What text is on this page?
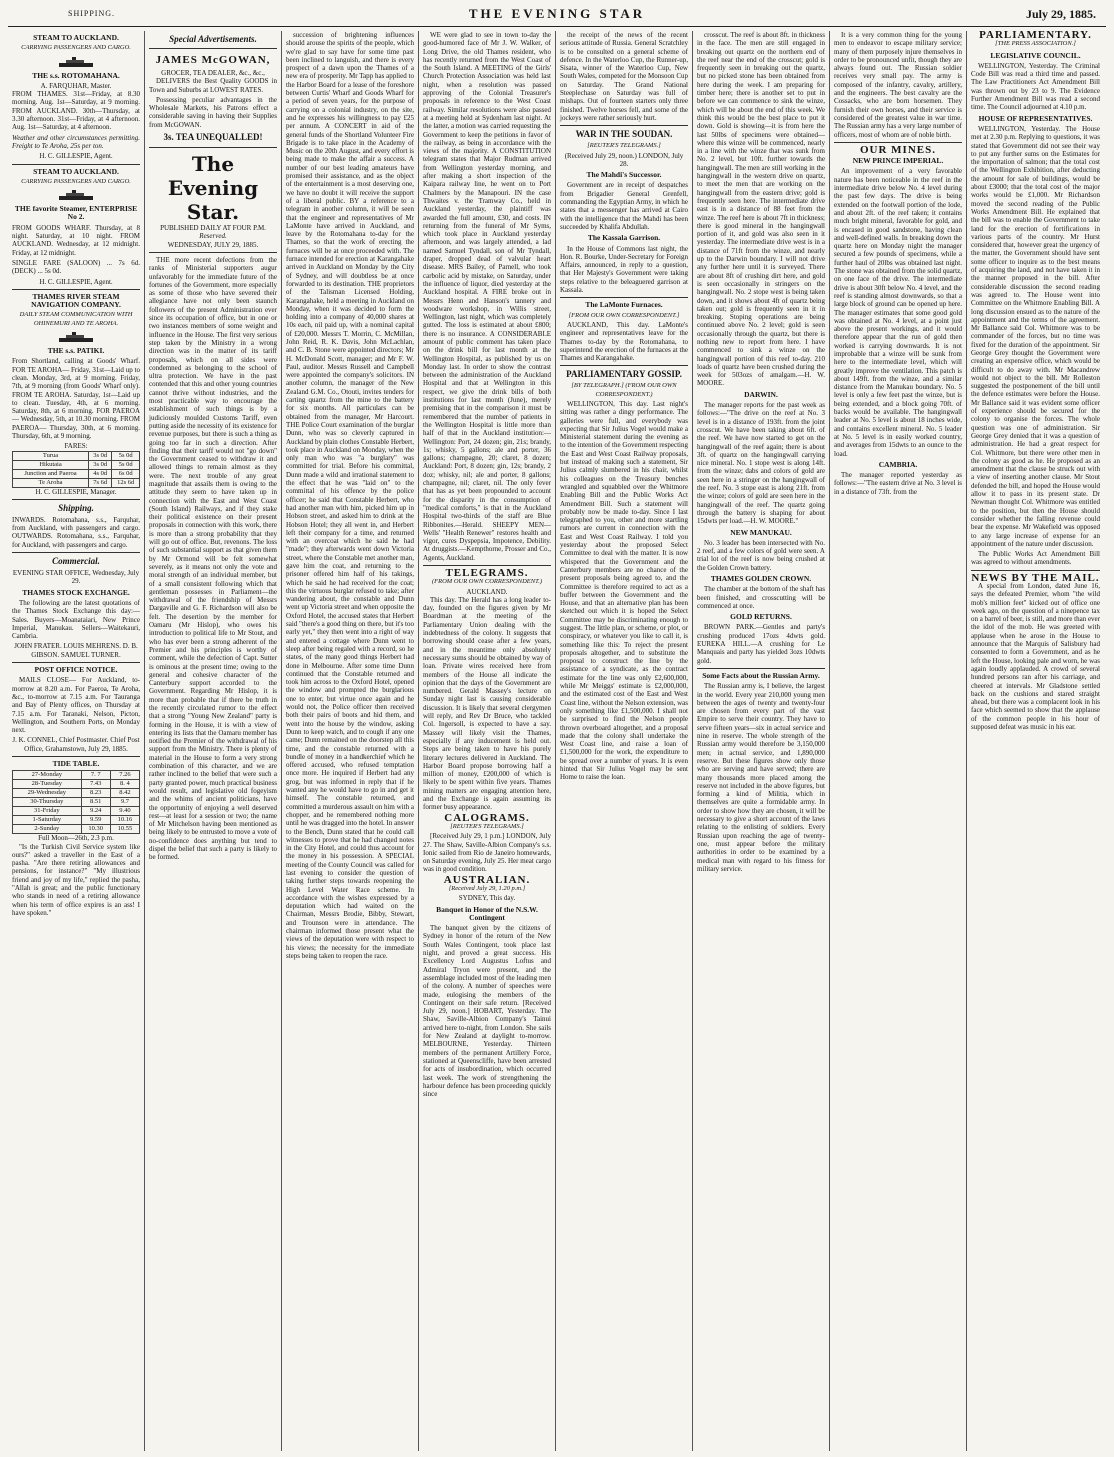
SHIPPING.	THE EVENING STAR	July 29, 1885.
STEAM TO AUCKLAND.
CARRYING PASSENGERS AND CARGO.
THE s.s. ROTOMAHANA.
A. FARQUHAR, Master.

FROM THAMES. 31st—Friday, at 8.30 morning. Aug. 1st—Saturday, at 9 morning. FROM AUCKLAND. 30th—Thursday, at 3.30 afternoon. 31st—Friday, at 4 afternoon. Aug. 1st—Saturday, at 4 afternoon.

Weather and other circumstances permitting. Freight to Te Aroha, 25s per ton.

H. C. GILLESPIE, Agent.
STEAM TO AUCKLAND.
CARRYING PASSENGERS AND CARGO.
THE favorite Steamer, ENTERPRISE No 2.

FROM GOODS WHARF. Thursday, at 8 night. Saturday, at 10 night. FROM AUCKLAND. Wednesday, at 12 midnight. Friday, at 12 midnight.

SINGLE FARE (SALOON) ... 7s 6d. (DECK) ... 5s 0d.

H. C. GILLESPIE, Agent.
THAMES RIVER STEAM NAVIGATION COMPANY.
DAILY STEAM COMMUNICATION WITH OHINEMURI AND TE AROHA.
THE s.s. PATIKI.

From Shortland, calling at Goods' Wharf. FOR TE AROHA— Friday, 31st—Laid up to clean. Monday, 3rd, at 9 morning. Friday, 7th, at 9 morning (from Goods' Wharf only). FROM TE AROHA. Saturday, 1st—Laid up to clean. Tuesday, 4th, at 6 morning. Saturday, 8th, at 6 morning. FOR PAEROA— Wednesday, 5th, at 10.30 morning. FROM PAEROA— Thursday, 30th, at 6 morning. Thursday, 6th, at 9 morning.

FARES:
Turua	3s 0d	5s 0d
Hikutaia	3s 0d	5s 0d
Junction and Paeroa	4s 0d	6s 0d
Te Aroha	7s 6d	12s 6d
H. C. GILLESPIE, Manager.
Shipping.

INWARDS. Rotomahana, s.s., Farquhar, from Auckland, with passengers and cargo. OUTWARDS. Rotomahana, s.s., Farquhar, for Auckland, with passengers and cargo.

Commercial.
EVENING STAR OFFICE, Wednesday, July 29.
THAMES STOCK EXCHANGE.

The following are the latest quotations of the Thames Stock Exchange this day:— Sales. Buyers—Moanataiari, New Prince Imperial, Manukau. Sellers—Waitekauri, Cambria.

JOHN FRATER. LOUIS MEHRENS. D. B. GIBSON. SAMUEL TURNER.
POST OFFICE NOTICE.

MAILS CLOSE— For Auckland, to-morrow at 8.20 a.m. For Paeroa, Te Aroha, &c., to-morrow at 7.15 a.m. For Tauranga and Bay of Plenty offices, on Thursday at 7.15 a.m. For Taranaki, Nelson, Picton, Wellington, and Southern Ports, on Monday next.

J. K. CONNEL, Chief Postmaster. Chief Post Office, Grahamstown, July 29, 1885.
TIDE TABLE.
27-Monday	7. 7	7.26
28-Tuesday	7.43	8. 4
29-Wednesday	8.23	8.42
30-Thursday	8.51	9.7
31-Friday	9.24	9.40
1-Saturday	9.59	10.16
2-Sunday	10.30	10.55
Full Moon—26th, 2.3 p.m.

"Is the Turkish Civil Service system like ours?" asked a traveller in the East of a pasha. "Are there retiring allowances and pensions, for instance?" "My illustrious friend and joy of my life," replied the pasha, "Allah is great; and the public functionary who stands in need of a retiring allowance when his term of office expires is an ass! I have spoken."

Special Advertisements.
JAMES McGOWAN,
GROCER, TEA DEALER, &c., &c.,

DELIVERS the Best Quality GOODS in Town and Suburbs at LOWEST RATES.

Possessing peculiar advantages in the Wholesale Markets, his Patrons effect a considerable saving in having their Supplies from McGOWAN.

3s. TEA UNEQUALLED!
The Evening Star.
PUBLISHED DAILY AT FOUR P.M.
Reserved.
WEDNESDAY, JULY 29, 1885.

THE more recent defections from the ranks of Ministerial supporters augur unfavorably for the immediate future of the fortunes of the Government, more especially as some of those who have severed their allegiance have not only been staunch followers of the present Administration ever since its occupation of office, but in one or two instances members of some weight and influence in the House. The first very serious step taken by the Ministry in a wrong direction was in the matter of its tariff proposals, which on all sides were condemned as belonging to the school of ultra protection. We have in the past contended that this and other young countries cannot thrive without industries, and the most practicable way to encourage the establishment of such things is by a judiciously moulded Customs Tariff, even putting aside the necessity of its existence for revenue purposes, but there is such a thing as going too far in such a direction. After finding that their tariff would not "go down" the Government ceased to withdraw it and allowed things to remain almost as they were. The next trouble of any great magnitude that assails them is owing to the attitude they seem to have taken up in connection with the East and West Coast (South Island) Railways, and if they stake their political existence on their present proposals in connection with this work, there is more than a strong probability that they will go out of office. But, revenons. The loss of such substantial support as that given them by Mr Ormond will be felt somewhat severely, as it means not only the vote and moral strength of an individual member, but of a small consistent following which that gentleman possesses in Parliament—the withdrawal of the friendship of Messrs Dargaville and G. F. Richardson will also be felt. The desertion by the member for Oamaru (Mr Hislop), who owes his introduction to political life to Mr Stout, and who has ever been a strong adherent of the Premier and his principles is worthy of comment, while the defection of Capt. Sutter is ominous at the present time; owing to the general and cohesive character of the Canterbury support accorded to the Government. Regarding Mr Hislop, it is more than probable that if there be truth in the recently circulated rumor to the effect that a strong "Young New Zealand" party is forming in the House, it is with a view of entering its lists that the Oamaru member has notified the Premier of the withdrawal of his support from the Ministry. There is plenty of material in the House to form a very strong combination of this character, and we are rather inclined to the belief that were such a party granted power, much practical business would result, and legislative old fogeyism and the whims of ancient politicians, have the opportunity of enjoying a well deserved rest—at least for a session or two; the name of Mr Mitchelson having been mentioned as being likely to be entrusted to move a vote of no-confidence does anything but tend to dispel the belief that such a party is likely to be formed.

succession of brightening influences should arouse the spirits of the people, which we're glad to say have for some time past been inclined to languish, and there is every prospect of a dawn upon the Thames of a new era of prosperity. Mr Tapp has applied to the Harbor Board for a lease of the foreshore between Curtis' Wharf and Goods Wharf for a period of seven years, for the purpose of carrying on a colonial industry, on the site, and he expresses his willingness to pay £25 per annum. A CONCERT in aid of the general funds of the Shortland Volunteer Fire Brigade is to take place in the Academy of Music on the 20th August, and every effort is being made to make the affair a success. A number of our best leading amateurs have promised their assistance, and as the object of the entertainment is a most deserving one, we have no doubt it will receive the support of a liberal public. BY a reference to a telegram in another column, it will be seen that the engineer and representatives of Mr LaMonte have arrived in Auckland, and leave by the Rotomahana to-day for the Thames, so that the work of erecting the furnaces will be at once proceeded with. The furnace intended for erection at Karangahake arrived in Auckland on Monday by the City of Sydney, and will doubtless be at once forwarded to its destination. THE proprietors of the Talisman Licensed Holding, Karangahake, held a meeting in Auckland on Monday, when it was decided to form the holding into a company of 40,000 shares at 10s each, nil paid up, with a nominal capital of £20,000. Messrs T. Morrin, C. McMillan, John Reid, R. K. Davis, John McLachlan, and C. B. Stone were appointed directors; Mr H. McDonald Scott, manager; and Mr F. W. Paul, auditor. Messrs Russell and Campbell were appointed the company's solicitors. IN another column, the manager of the New Zealand G.M. Co., Otouti, invites tenders for carting quartz from the mine to the battery for six months. All particulars can be obtained from the manager, Mr Harcourt. THE Police Court examination of the burglar Dunn, who was so cleverly captured in Auckland by plain clothes Constable Herbert, took place in Auckland on Monday, when the only man who was "a burglary" was committed for trial. Before his committal, Dunn made a wild and irrational statement to the effect that he was "laid on" to the committal of his offence by the police officer; he said that Constable Herbert, who had another man with him, picked him up in Hobson street, and asked him to drink at the Hobson Hotel; they all went in, and Herbert left their company for a time, and returned with an overcoat which he said he had "made"; they afterwards went down Victoria street, where the Constable met another man, gave him the coat, and returning to the prisoner offered him half of his takings, which he said he had received for the coat; this the virtuous burglar refused to take; after wandering about, the constable and Dunn went up Victoria street and when opposite the Oxford Hotel, the accused states that Herbert said "there's a good thing on there, but it's too early yet," they then went into a right of way and entered a cottage where Dunn went to sleep after being regaled with a record, so he states, of the many good things Herbert had done in Melbourne. After some time Dunn continued that the Constable returned and took him across to the Oxford Hotel, opened the window and prompted the burglarious one to enter, but virtue once again and he would not, the Police officer then received both their pairs of boots and hid them, and went into the house by the window, asking Dunn to keep watch, and to cough if any one came; Dunn remained on the doorstep all this time, and the constable returned with a bundle of money in a handkerchief which he offered accused, who refused temptation once more. He inquired if Herbert had any grog, but was informed in reply that if he wanted any he would have to go in and get it himself. The constable returned, and committed a murderous assault on him with a chopper, and he remembered nothing more until he was dragged into the hotel. In answer to the Bench, Dunn stated that he could call witnesses to prove that he had changed notes in the City Hotel, and could thus account for the money in his possession. A SPECIAL meeting of the County Council was called for last evening to consider the question of taking further steps towards reopening the High Level Water Race scheme. In accordance with the wishes expressed by a deputation which had waited on the Chairman, Messrs Brodie, Bibby, Stewart, and Trounson were in attendance. The chairman informed those present what the views of the deputation were with respect to his views; the necessity for the immediate steps being taken to reopen the race.

WE were glad to see in town to-day the good-humored face of Mr J. W. Walker, of Long Drive, the old Thames resident, who has recently returned from the West Coast of the South Island. A MEETING of the Girls' Church Protection Association was held last night, when a resolution was passed approving of the Colonial Treasurer's proposals in reference to the West Coast railway. Similar resolutions were also passed at a meeting held at Sydenham last night. At the latter, a motion was carried requesting the Government to keep the petitions in favor of the railway, as being in accordance with the views of the majority. A CONSTITUTION telegram states that Major Rudman arrived from Wellington yesterday morning, and after making a short inspection of the Kaipara railway line, he went on to Port Chalmers by the Manapouri. IN the case Thwaites v. the Tramway Co., held in Auckland yesterday, the plaintiff was awarded the full amount, £30, and costs. IN returning from the funeral of Mr Syms, which took place in Auckland yesterday afternoon, and was largely attended, a lad named Samuel Tyndall, son of Mr Tyndall, draper, dropped dead of valvular heart disease. MRS Bailey, of Parnell, who took carbolic acid by mistake, on Saturday, under the influence of liquor, died yesterday at the Auckland hospital. A FIRE broke out in Messrs Henn and Hanson's tannery and woodware workshop, in Willis street, Wellington, last night, which was completely gutted. The loss is estimated at about £800; there is no insurance. A CONSIDERABLE amount of public comment has taken place on the drink bill for last month at the Wellington Hospital, as published by us on Monday last. In order to show the contrast between the administration of the Auckland Hospital and that at Wellington in this respect, we give the drink bills of both institutions for last month (June), merely premising that in the comparison it must be remembered that the number of patients in the Wellington Hospital is little more than half of that in the Auckland institution:—Wellington: Port, 24 dozen; gin, 21s; brandy, 1s; whisky, 5 gallons; ale and porter, 36 gallons; champagne, 20; claret, 8 dozen; Auckland: Port, 8 dozen; gin, 12s; brandy, 2 doz; whisky, nil; ale and porter, 8 gallons; champagne, nil; claret, nil. The only fever that has as yet been propounded to account for the disparity in the consumption of "medical comforts," is that in the Auckland Hospital two-thirds of the staff are Blue Ribbonites.—Herald. SHEEPY MEN—Wells' "Health Renewer" restores health and vigor, cures Dyspepsia, Impotence, Debility. At druggists.—Kempthorne, Prosser and Co., Agents, Auckland.

TELEGRAMS.
(FROM OUR OWN CORRESPONDENT.)
AUCKLAND.

This day. The Herald has a long leader to-day, founded on the figures given by Mr Boardman at the meeting of the Parliamentary Union dealing with the indebtedness of the colony. It suggests that borrowing should cease after a few years, and in the meantime only absolutely necessary sums should be obtained by way of loan. Private wires received here from members of the House all indicate the opinion that the days of the Government are numbered. Gerald Massey's lecture on Sunday night last is causing considerable discussion. It is likely that several clergymen will reply, and Rev Dr Bruce, who tackled Col. Ingersoll, is expected to have a say. Massey will likely visit the Thames, especially if any inducement is held out. Steps are being taken to have his purely literary lectures delivered in Auckland. The Harbor Board propose borrowing half a million of money, £200,000 of which is likely to be spent within five years. Thames mining matters are engaging attention here, and the Exchange is again assuming its former busy appearance.

CALOGRAMS.
[REUTER'S TELEGRAMS.]

[Received July 29, 1 p.m.] LONDON, July 27. The Shaw, Saville-Albion Company's s.s. Ionic sailed from Rio de Janeiro homewards, on Saturday evening, July 25. Her meat cargo was in good condition.

AUSTRALIAN.
[Received July 29, 1.20 p.m.]
SYDNEY, This day.
Banquet in Honor of the N.S.W. Contingent

The banquet given by the citizens of Sydney in honor of the return of the New South Wales Contingent, took place last night, and proved a great success. His Excellency Lord Augustus Loftus and Admiral Tryon were present, and the assemblage included most of the leading men of the colony. A number of speeches were made, eulogising the members of the Contingent on their safe return. [Received July 29, noon.] HOBART, Yesterday. The Shaw, Saville-Albion Company's Tainui arrived here to-night, from London. She sails for New Zealand at daylight to-morrow. MELBOURNE, Yesterday. Thirteen members of the permanent Artillery Force, stationed at Queenscliffe, have been arrested for acts of insubordination, which occurred last week. The work of strengthening the harbour defence has been proceeding quickly since

the receipt of the news of the recent serious attitude of Russia. General Scratchley is to be consulted on a general scheme of defence. In the Waterloo Cup, the Runner-up, Sisata, winner of the Waterloo Cup, New South Wales, competed for the Monsoon Cup on Saturday. The Grand National Steeplechase on Saturday was full of mishaps. Out of fourteen starters only three finished. Twelve horses fell, and some of the jockeys were rather seriously hurt.

WAR IN THE SOUDAN.
[REUTER'S TELEGRAMS.]
(Received July 29, noon.) LONDON, July 28.
The Mahdi's Successor.

Government are in receipt of despatches from Brigadier General Grenfell, commanding the Egyptian Army, in which he states that a messenger has arrived at Cairo with the intelligence that the Mahdi has been succeeded by Khalifa Abdullah.

The Kassala Garrison.

In the House of Commons last night, the Hon. R. Bourke, Under-Secretary for Foreign Affairs, announced, in reply to a question, that Her Majesty's Government were taking steps relative to the beleaguered garrison at Kassala.

The LaMonte Furnaces.
[FROM OUR OWN CORRESPONDENT.]

AUCKLAND, This day. LaMonte's engineer and representatives leave for the Thames to-day by the Rotomahana, to superintend the erection of the furnaces at the Thames and Karangahake.

PARLIAMENTARY GOSSIP.
[BY TELEGRAPH.] (FROM OUR OWN CORRESPONDENT.)

WELLINGTON, This day. Last night's sitting was rather a dingy performance. The galleries were full, and everybody was expecting that Sir Julius Vogel would make a Ministerial statement during the evening as to the intention of the Government respecting the East and West Coast Railway proposals, but instead of making such a statement, Sir Julius calmly slumbered in his chair, whilst his colleagues on the Treasury benches wrangled and squabbled over the Whitmore Enabling Bill and the Public Works Act Amendment Bill. Such a statement will probably now be made to-day. Since I last telegraphed to you, other and more startling rumors are current in connection with the East and West Coast Railway. I told you yesterday about the proposed Select Committee to deal with the matter. It is now whispered that the Government and the Canterbury members are no chance of the present proposals being agreed to, and the Committee is therefore required to act as a buffer between the Government and the House, and that an alternative plan has been sketched out which it is hoped the Select Committee may be discriminating enough to suggest. The little plan, or scheme, or plot, or conspiracy, or whatever you like to call it, is something like this: To reject the present proposals altogether, and to substitute the proposal to construct the line by the assistance of a syndicate, as the contract estimate for the line was only £2,600,000, while Mr Meiggs' estimate is £2,000,000, and the estimated cost of the East and West Coast line, without the Nelson extension, was only something like £1,500,000. I shall not be surprised to find the Nelson people thrown overboard altogether, and a proposal made that the colony shall undertake the West Coast line, and raise a loan of £1,500,000 for the work, the expenditure to be spread over a number of years. It is even hinted that Sir Julius Vogel may be sent Home to raise the loan.

crosscut. The reef is about 8ft. in thickness in the face. The men are still engaged in breaking out quartz on the northern end of the reef near the end of the crosscut; gold is frequently seen in breaking out the quartz, but no picked stone has been obtained from here during the week. I am preparing for timber here; there is another set to put in before we can commence to sink the winze, which will be about the end of this week. We think this would be the best place to put it down. Gold is showing—it is from here the last 50lbs of specimens were obtained—where this winze will be commenced, nearly in a line with the winze that was sunk from No. 2 level, but 10ft. further towards the hangingwall. The men are still working in the hangingwall in the western drive on quartz, to meet the men that are working on the hangingwall from the eastern drive; gold is frequently seen here. The intermediate drive east is in a distance of 88 feet from the winze. The reef here is about 7ft in thickness; there is good mineral in the hangingwall portion of it, and gold was also seen in it yesterday. The intermediate drive west is in a distance of 71ft from the winze, and nearly up to the Darwin boundary. I will not drive any further here until it is surveyed. There are about 8ft of crushing dirt here, and gold is seen occasionally in stringers on the hangingwall. No. 2 stope west is being taken down, and it shows about 4ft of quartz being taken out; gold is frequently seen in it in breaking. Stoping operations are being continued above No. 2 level; gold is seen occasionally through the quartz, but there is nothing new to report from here. I have commenced to sink a winze on the hangingwall portion of this reef to-day. 210 loads of quartz have been crushed during the week for 503ozs of amalgam.—H. W. MOORE.

DARWIN.

The manager reports for the past week as follows:—"The drive on the reef at No. 3 level is in a distance of 193ft. from the joint crosscut. We have been taking about 6ft. of the reef. We have now started to get on the hangingwall of the reef again; there is about 3ft. of quartz on the hangingwall carrying nice mineral. No. 1 stope west is along 14ft. from the winze; dabs and colors of gold are seen here in a stringer on the hangingwall of the reef. No. 3 stope east is along 21ft. from the winze; colors of gold are seen here in the hangingwall of the reef. The quartz going through the battery is shaping for about 15dwts per load.—H. W. MOORE."

NEW MANUKAU.

No. 3 leader has been intersected with No. 2 reef, and a few colors of gold were seen. A trial lot of the reef is now being crushed at the Golden Crown battery.

THAMES GOLDEN CROWN.

The chamber at the bottom of the shaft has been finished, and crosscutting will be commenced at once.

GOLD RETURNS.

BROWN PARK.—Gentles and party's crushing produced 17ozs 4dwts gold. EUREKA HILL.—A crushing for Le Manquais and party has yielded 3ozs 10dwts gold.

Some Facts about the Russian Army.

The Russian army is, I believe, the largest in the world. Every year 210,000 young men between the ages of twenty and twenty-four are chosen from every part of the vast Empire to serve their country. They have to serve fifteen years—six in actual service and nine in reserve. The whole strength of the Russian army would therefore be 3,150,000 men; in actual service, and 1,890,000 reserve. But these figures show only those who are serving and have served; there are many thousands more placed among the reserve not included in the above figures, but forming a kind of Militia, which in themselves are quite a formidable army. In order to show how they are chosen, it will be necessary to give a short account of the laws relating to the enlisting of soldiers. Every Russian upon reaching the age of twenty-one, must appear before the military authorities in order to be examined by a medical man with regard to his fitness for military service.

It is a very common thing for the young men to endeavor to escape military service; many of them purposely injure themselves in order to be pronounced unfit, though they are always found out. The Russian soldier receives very small pay. The army is composed of the infantry, cavalry, artillery, and the engineers. The best cavalry are the Cossacks, who are born horsemen. They furnish their own horses, and their service is considered of the greatest value in war time. The Russian army has a very large number of officers, most of whom are of noble birth.

OUR MINES.
NEW PRINCE IMPERIAL.

An improvement of a very favorable nature has been noticeable in the reef in the intermediate drive below No. 4 level during the past few days. The drive is being extended on the footwall portion of the lode, and about 2ft. of the reef taken; it contains much bright mineral, favorable for gold, and is encased in good sandstone, having clean and well-defined walls. In breaking down the quartz here on Monday night the manager secured a few pounds of specimens, while a further haul of 20lbs was obtained last night. The stone was obtained from the solid quartz, on one face of the drive. The intermediate drive is about 30ft below No. 4 level, and the reef is standing almost downwards, so that a large block of ground can be opened up here. The manager estimates that some good gold was obtained at No. 4 level, at a point just above the present workings, and it would therefore appear that the run of gold then worked is carrying downwards. It is not improbable that a winze will be sunk from here to the intermediate level, which will greatly improve the ventilation. This patch is about 149ft. from the winze, and a similar distance from the Manukau boundary. No. 5 level is only a few feet past the winze, but is being extended, and a block going 70ft. of backs would be available. The hangingwall leader at No. 5 level is about 18 inches wide, and contains excellent mineral. No. 5 leader at No. 5 level is in easily worked country, and averages from 15dwts to an ounce to the load.

CAMBRIA.

The manager reported yesterday as follows:—"The eastern drive at No. 3 level is in a distance of 73ft. from the

PARLIAMENTARY.
[THE PRESS ASSOCIATION.]
LEGISLATIVE COUNCIL.

WELLINGTON, Yesterday. The Criminal Code Bill was read a third time and passed. The Law Practitioners Act Amendment Bill was thrown out by 23 to 9. The Evidence Further Amendment Bill was read a second time. The Council adjourned at 4.10 p.m.

HOUSE OF REPRESENTATIVES.

WELLINGTON, Yesterday. The House met at 2.30 p.m. Replying to questions, it was stated that Government did not see their way to put any further sums on the Estimates for the importation of salmon; that the total cost of the Wellington Exhibition, after deducting the amount for sale of buildings, would be about £3000; that the total cost of the major works would be £1,000. Mr Richardson moved the second reading of the Public Works Amendment Bill. He explained that the bill was to enable the Government to take land for the erection of fortifications in various parts of the country. Mr Hurst considered that, however great the urgency of the matter, the Government should have sent some officer to inquire as to the best means of acquiring the land, and not have taken it in the manner proposed in the bill. After considerable discussion the second reading was agreed to. The House went into Committee on the Whitmore Enabling Bill. A long discussion ensued as to the nature of the appointment and the terms of the agreement. Mr Ballance said Col. Whitmore was to be commander of the forces, but no time was fixed for the duration of the appointment. Sir George Grey thought the Government were creating an expensive office, which would be difficult to do away with. Mr Macandrew would not object to the bill. Mr Rolleston suggested the postponement of the bill until the defence estimates were before the House. Mr Ballance said it was evident some officer of experience should be secured for the colony to organise the forces. The whole question was one of administration. Sir George Grey denied that it was a question of administration. He had a great respect for Col. Whitmore, but there were other men in the colony as good as he. He proposed as an amendment that the clause be struck out with a view of inserting another clause. Mr Stout defended the bill, and hoped the House would allow it to pass in its present state. Dr Newman thought Col. Whitmore was entitled to the position, but then the House should consider whether the falling revenue could bear the expense. Mr Wakefield was opposed to any large increase of expense for an appointment of the nature under discussion.

The Public Works Act Amendment Bill was agreed to without amendments.

NEWS BY THE MAIL.

A special from London, dated June 16, says the defeated Premier, whom "the wild mob's million feet" kicked out of office one week ago, on the question of a ninepence tax on a barrel of beer, is still, and more than ever the idol of the mob. He was greeted with applause when he arose in the House to announce that the Marquis of Salisbury had consented to form a Government, and as he left the House, looking pale and worn, he was again loudly applauded. A crowd of several hundred persons ran after his carriage, and cheered at intervals. Mr Gladstone settled back on the cushions and stared straight ahead, but there was a complacent look in his face which seemed to show that the applause of the common people in his hour of supposed defeat was music in his ear.
